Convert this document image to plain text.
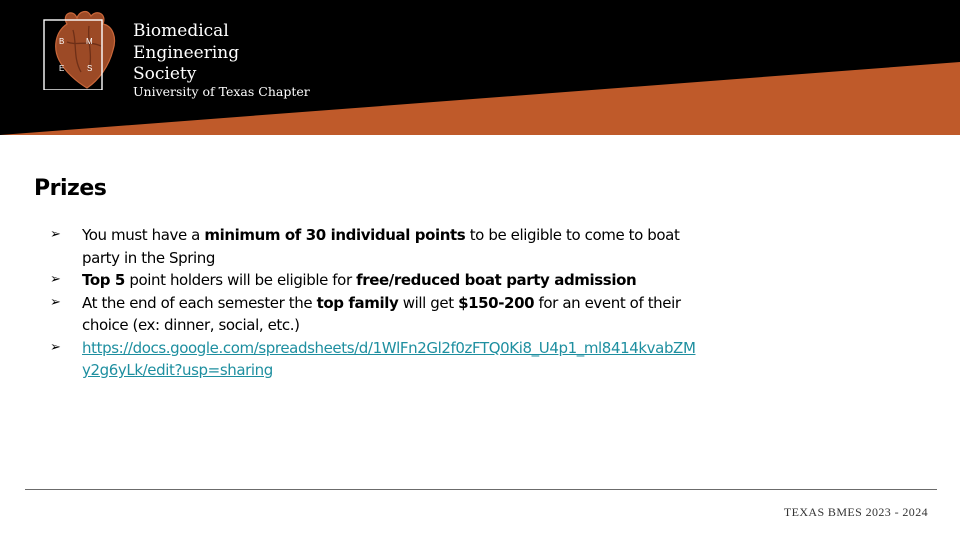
B	M
E	S
Biomedical
Engineering
Society
University of Texas Chapter
Prizes
➢ You must have a minimum of 30 individual points to be eligible to come to boat party in the Spring
➢ Top 5 point holders will be eligible for free/reduced boat party admission
➢ At the end of each semester the top family will get $150-200 for an event of their choice (ex: dinner, social, etc.)
➢ https://docs.google.com/spreadsheets/d/1WlFn2Gl2f0zFTQ0Ki8_U4p1_ml8414kvabZMy2g6yLk/edit?usp=sharing
TEXAS BMES 2023 - 2024
